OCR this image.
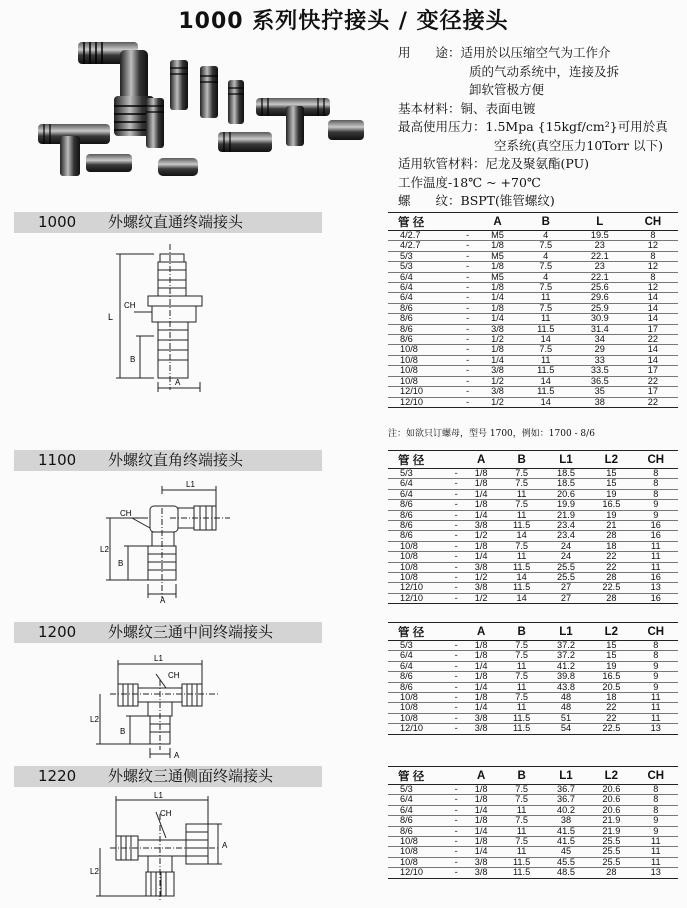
1000 系列快拧接头 / 变径接头
用　　途： 适用於以压缩空气为工作介
质的气动系统中，连接及拆
卸软管极方便
基本材料： 铜、表面电镀
最高使用压力： 1.5Mpa {15kgf/cm²}可用於真
空系统(真空压力10Torr 以下)
适用软管材料： 尼龙及聚氨酯(PU)
工作温度 -18℃ ~ +70℃
螺　　纹： BSPT(锥管螺纹)
1000 外螺纹直通终端接头
L
CH
B
A
管 径		A	B	L	CH
4/2.7	-	M5	4	19.5	8
4/2.7	-	1/8	7.5	23	12
5/3	-	M5	4	22.1	8
5/3	-	1/8	7.5	23	12
6/4	-	M5	4	22.1	8
6/4	-	1/8	7.5	25.6	12
6/4	-	1/4	11	29.6	14
8/6	-	1/8	7.5	25.9	14
8/6	-	1/4	11	30.9	14
8/6	-	3/8	11.5	31.4	17
8/6	-	1/2	14	34	22
10/8	-	1/8	7.5	29	14
10/8	-	1/4	11	33	14
10/8	-	3/8	11.5	33.5	17
10/8	-	1/2	14	36.5	22
12/10	-	3/8	11.5	35	17
12/10	-	1/2	14	38	22
注：如欲只订螺母，型号 1700，例如：1700 - 8/6
1100 外螺纹直角终端接头
L1
CH
L2
B
A
管 径		A	B	L1	L2	CH
5/3	-	1/8	7.5	18.5	15	8
6/4	-	1/8	7.5	18.5	15	8
6/4	-	1/4	11	20.6	19	8
8/6	-	1/8	7.5	19.9	16.5	9
8/6	-	1/4	11	21.9	19	9
8/6	-	3/8	11.5	23.4	21	16
8/6	-	1/2	14	23.4	28	16
10/8	-	1/8	7.5	24	18	11
10/8	-	1/4	11	24	22	11
10/8	-	3/8	11.5	25.5	22	11
10/8	-	1/2	14	25.5	28	16
12/10	-	3/8	11.5	27	22.5	13
12/10	-	1/2	14	27	28	16
1200 外螺纹三通中间终端接头
L1
CH
L2
B
A
管 径		A	B	L1	L2	CH
5/3	-	1/8	7.5	37.2	15	8
6/4	-	1/8	7.5	37.2	15	8
6/4	-	1/4	11	41.2	19	9
8/6	-	1/8	7.5	39.8	16.5	9
8/6	-	1/4	11	43.8	20.5	9
10/8	-	1/8	7.5	48	18	11
10/8	-	1/4	11	48	22	11
10/8	-	3/8	11.5	51	22	11
12/10	-	3/8	11.5	54	22.5	13
1220 外螺纹三通侧面终端接头
L1
CH
A
L2
管 径		A	B	L1	L2	CH
5/3	-	1/8	7.5	36.7	20.6	8
6/4	-	1/8	7.5	36.7	20.6	8
6/4	-	1/4	11	40.2	20.6	8
8/6	-	1/8	7.5	38	21.9	9
8/6	-	1/4	11	41.5	21.9	9
10/8	-	1/8	7.5	41.5	25.5	11
10/8	-	1/4	11	45	25.5	11
10/8	-	3/8	11.5	45.5	25.5	11
12/10	-	3/8	11.5	48.5	28	13
